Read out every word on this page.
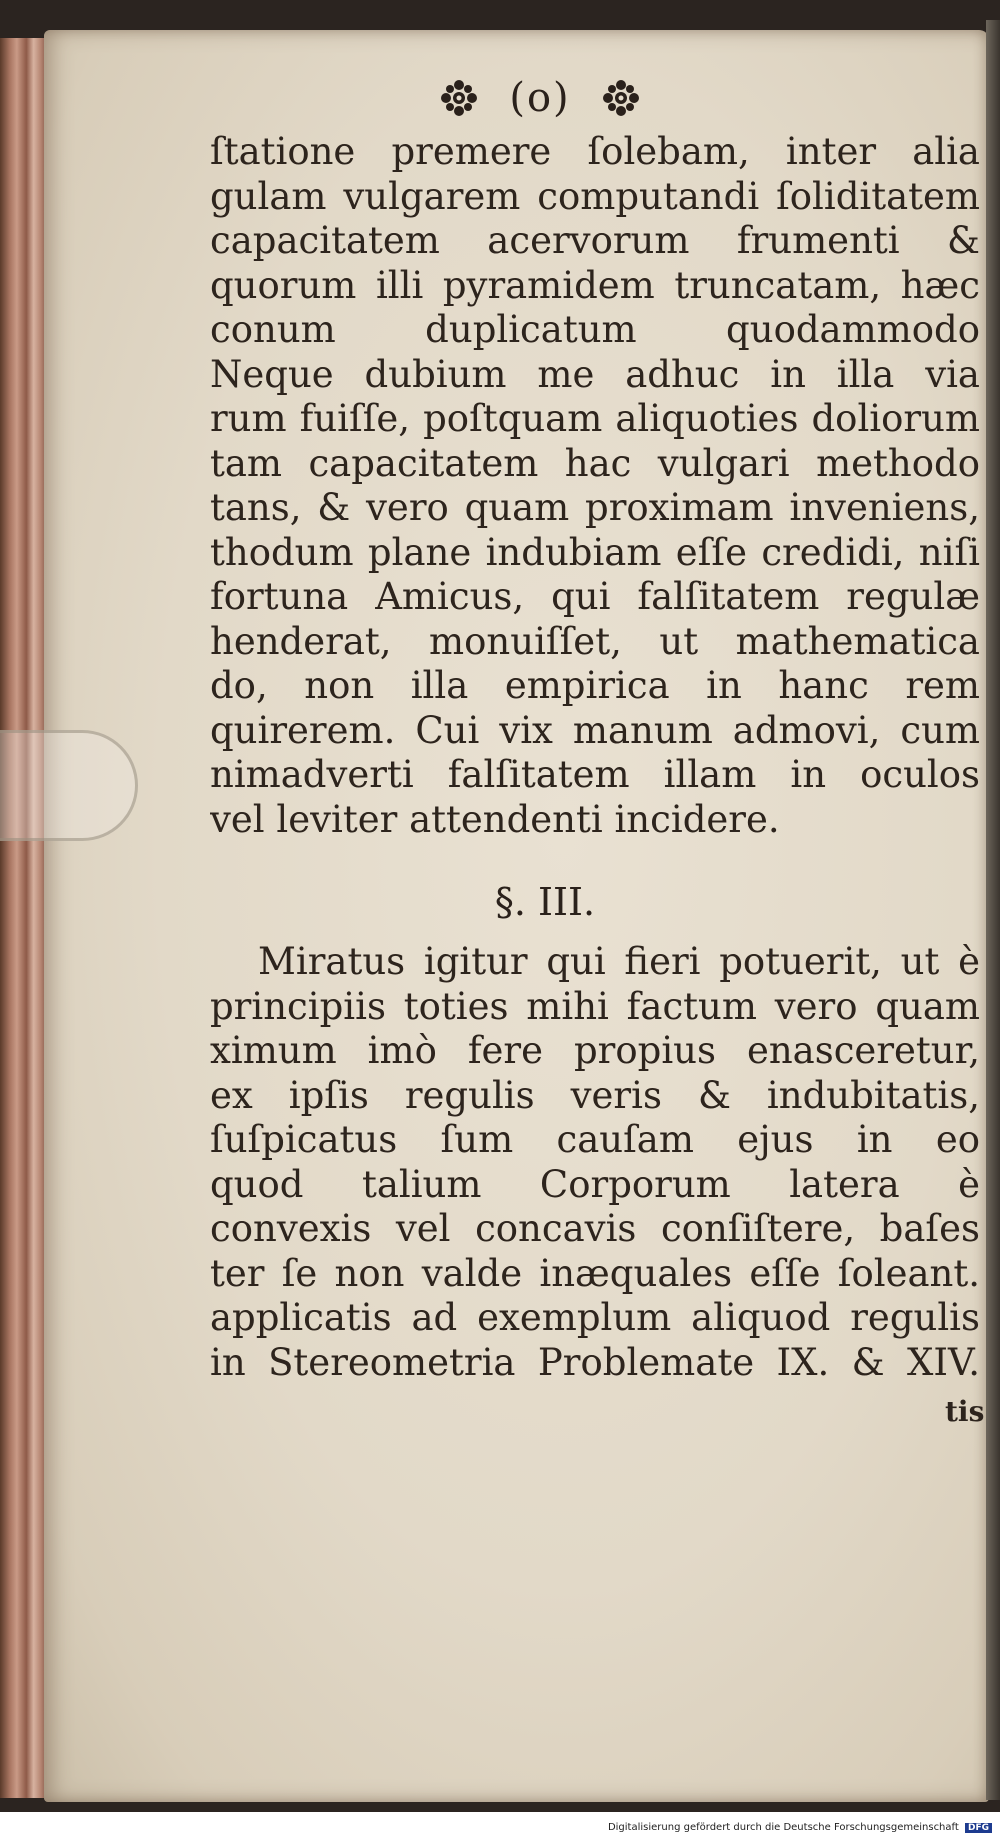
(o)
ſtatione premere ſolebam, inter alia
gulam vulgarem computandi ſoliditatem
capacitatem acervorum frumenti &
quorum illi pyramidem truncatam, hæc
conum duplicatum quodammodo
Neque dubium me adhuc in illa via
rum fuiſſe, poſtquam aliquoties doliorum
tam capacitatem hac vulgari methodo
tans, & vero quam proximam inveniens,
thodum plane indubiam eſſe credidi, niſi
fortuna Amicus, qui falſitatem regulæ
henderat, monuiſſet, ut mathematica
do, non illa empirica in hanc rem
quirerem. Cui vix manum admovi, cum
nimadverti falſitatem illam in oculos
vel leviter attendenti incidere.
§. III.
Miratus igitur qui fieri potuerit, ut è
principiis toties mihi factum vero quam
ximum imò fere propius enasceretur,
ex ipſis regulis veris & indubitatis,
ſuſpicatus ſum cauſam ejus in eo
quod talium Corporum latera è
convexis vel concavis conſiſtere, baſes
ter ſe non valde inæquales eſſe ſoleant.
applicatis ad exemplum aliquod regulis
in Stereometria Problemate IX. & XIV.
tis
Digitalisierung gefördert durch die Deutsche Forschungsgemeinschaft DFG
